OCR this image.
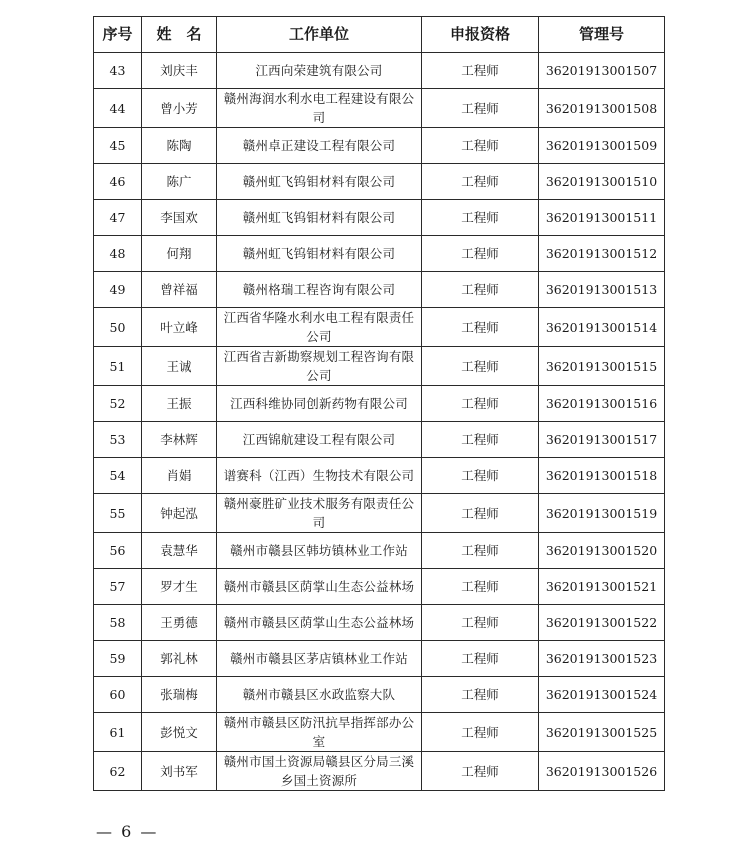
序号	姓　名	工作单位	申报资格	管理号
43	刘庆丰	江西向荣建筑有限公司	工程师	36201913001507
44	曾小芳	赣州海润水利水电工程建设有限公司	工程师	36201913001508
45	陈陶	赣州卓正建设工程有限公司	工程师	36201913001509
46	陈广	赣州虹飞钨钼材料有限公司	工程师	36201913001510
47	李国欢	赣州虹飞钨钼材料有限公司	工程师	36201913001511
48	何翔	赣州虹飞钨钼材料有限公司	工程师	36201913001512
49	曾祥福	赣州格瑞工程咨询有限公司	工程师	36201913001513
50	叶立峰	江西省华隆水利水电工程有限责任公司	工程师	36201913001514
51	王诚	江西省吉新勘察规划工程咨询有限公司	工程师	36201913001515
52	王振	江西科维协同创新药物有限公司	工程师	36201913001516
53	李林辉	江西锦航建设工程有限公司	工程师	36201913001517
54	肖娟	谱赛科（江西）生物技术有限公司	工程师	36201913001518
55	钟起泓	赣州豪胜矿业技术服务有限责任公司	工程师	36201913001519
56	袁慧华	赣州市赣县区韩坊镇林业工作站	工程师	36201913001520
57	罗才生	赣州市赣县区荫掌山生态公益林场	工程师	36201913001521
58	王勇德	赣州市赣县区荫掌山生态公益林场	工程师	36201913001522
59	郭礼林	赣州市赣县区茅店镇林业工作站	工程师	36201913001523
60	张瑞梅	赣州市赣县区水政监察大队	工程师	36201913001524
61	彭悦文	赣州市赣县区防汛抗旱指挥部办公室	工程师	36201913001525
62	刘书军	赣州市国土资源局赣县区分局三溪乡国土资源所	工程师	36201913001526
— 6 —
